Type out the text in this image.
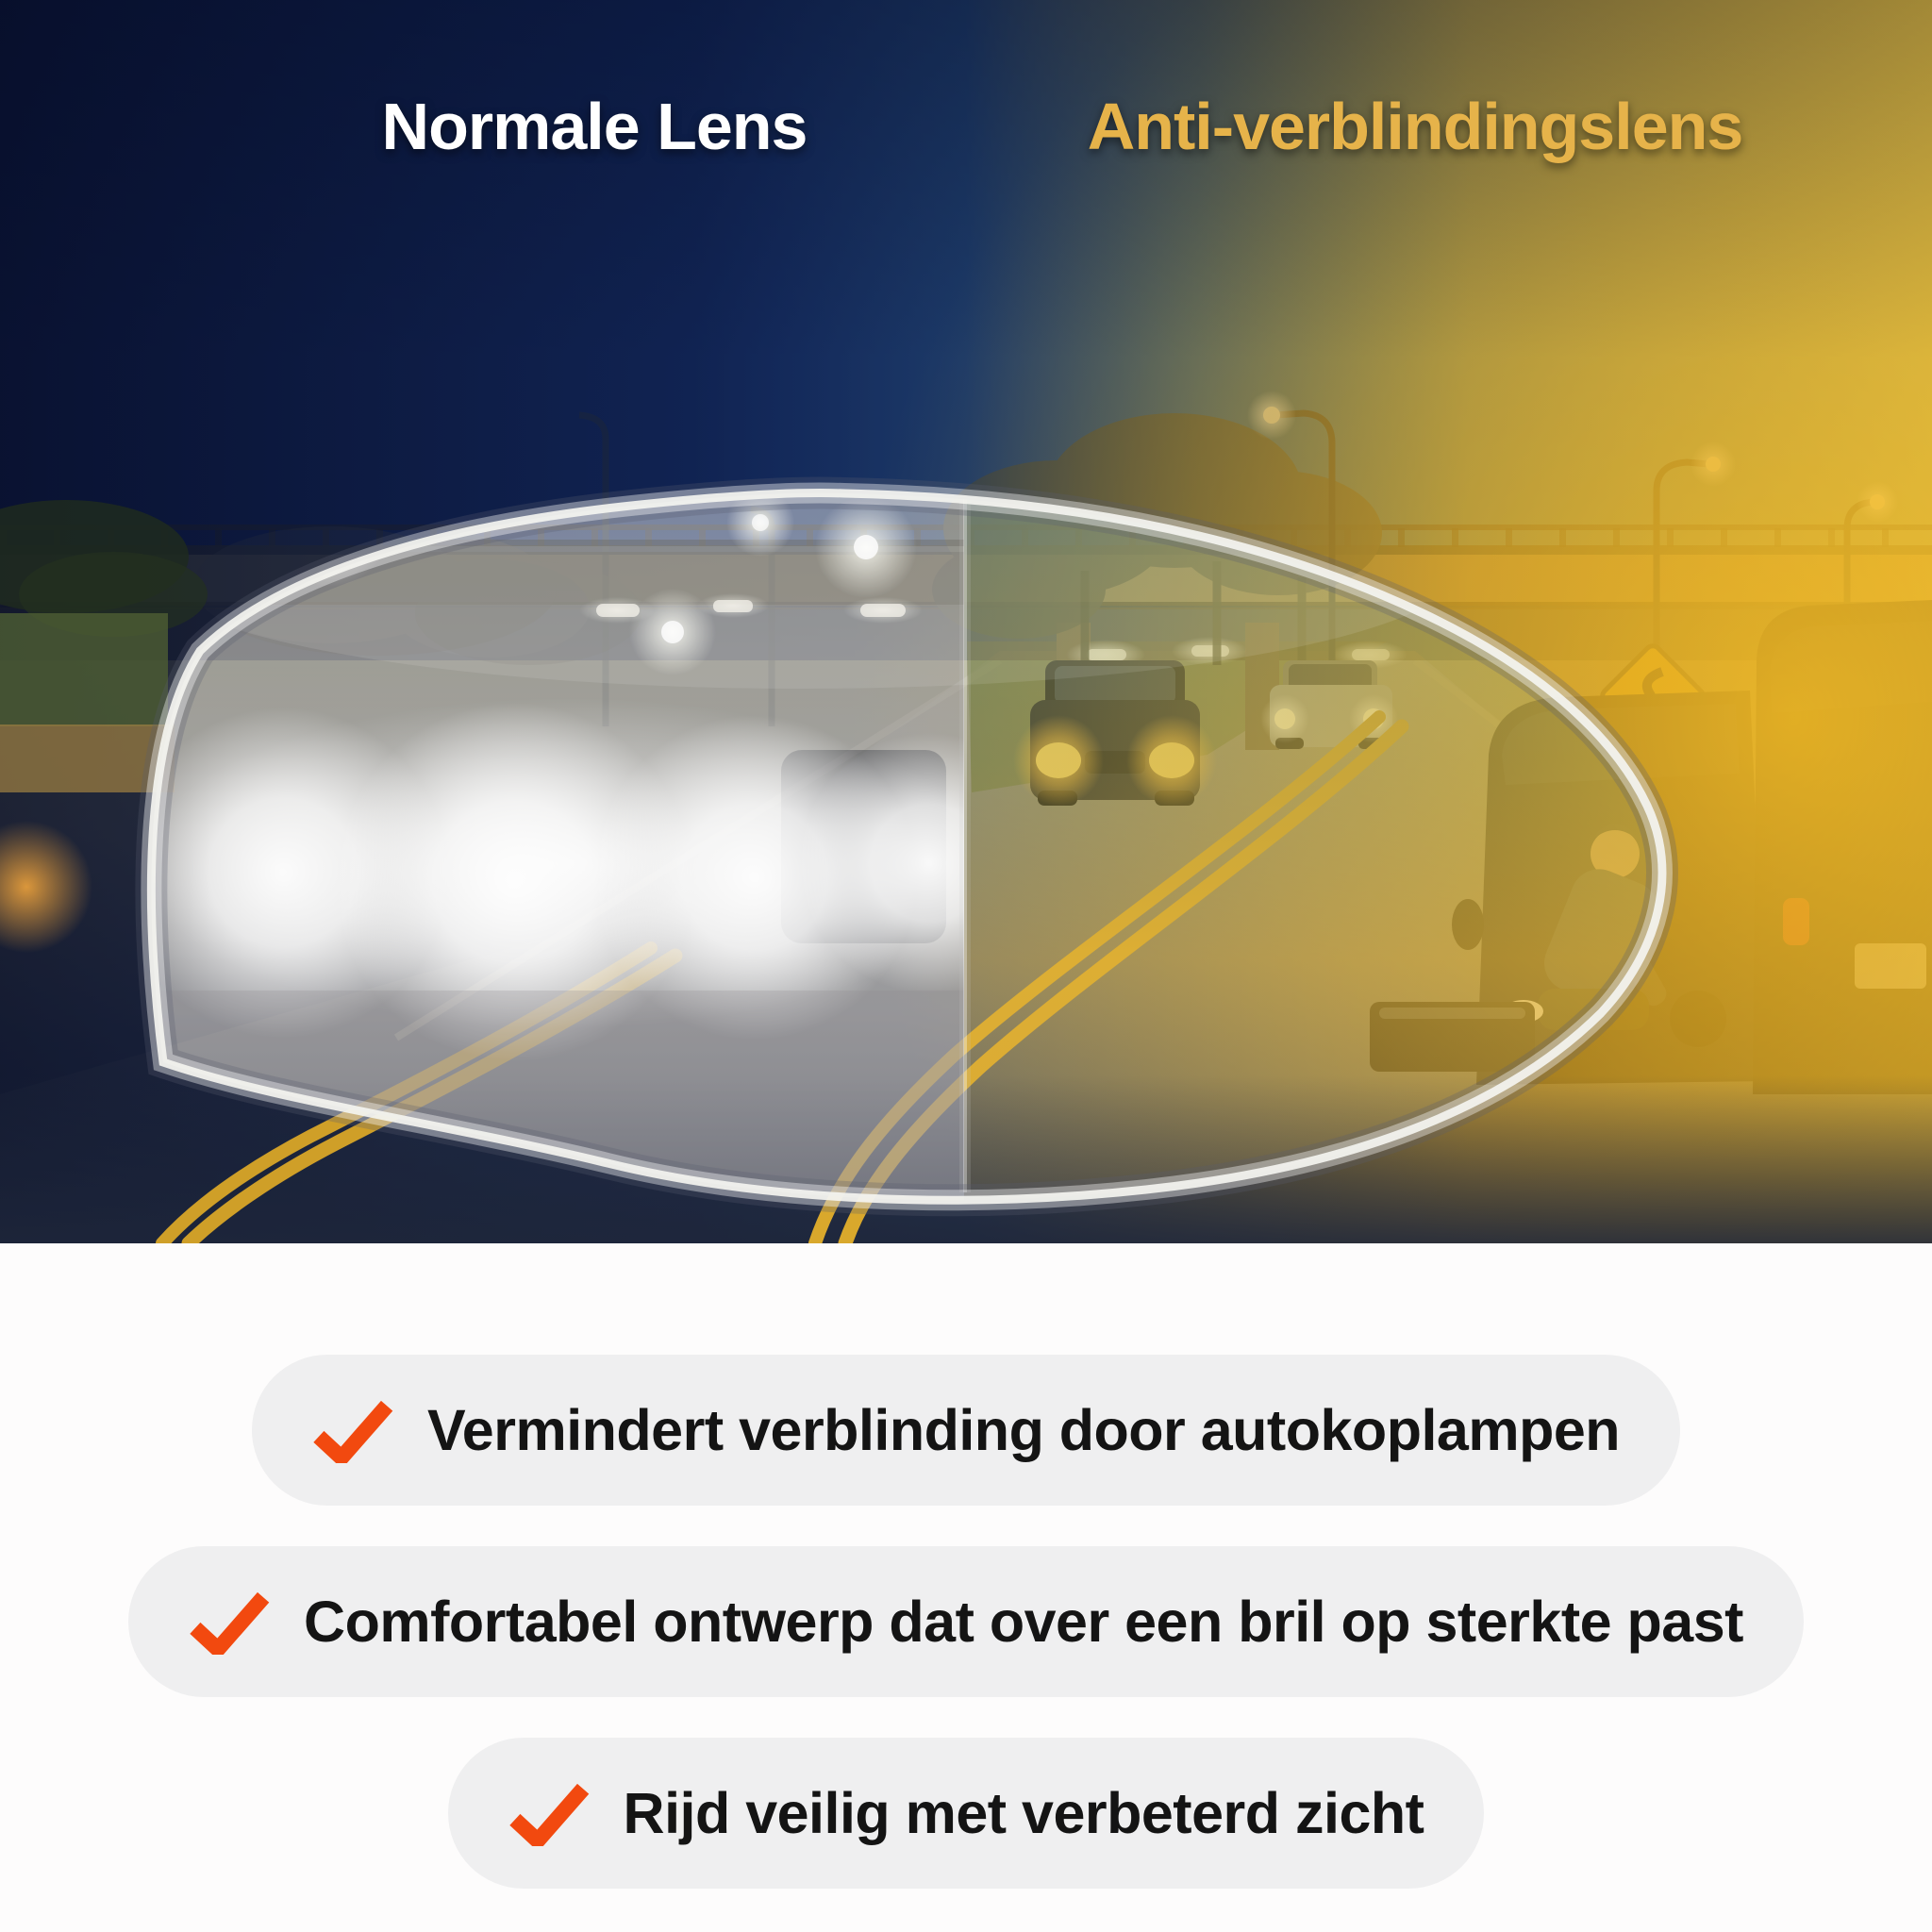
Normale Lens	Anti-verblindingslens
Vermindert verblinding door autokoplampen
Comfortabel ontwerp dat over een bril op sterkte past
Rijd veilig met verbeterd zicht
